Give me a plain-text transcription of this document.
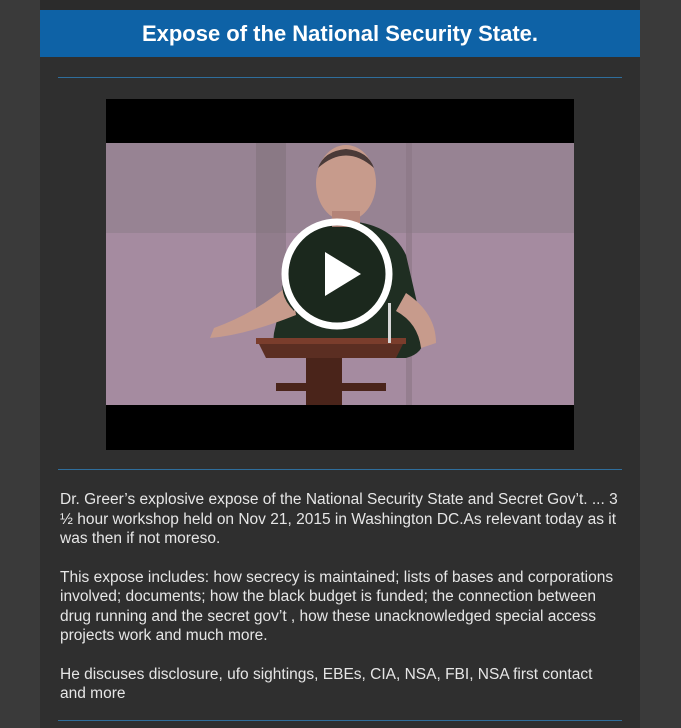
Expose of the National Security State.

Dr. Greer’s explosive expose of the National Security State and Secret Gov’t. ... 3 ½ hour workshop held on Nov 21, 2015 in Washington DC.As relevant today as it was then if not moreso.

This expose includes: how secrecy is maintained; lists of bases and corporations involved; documents; how the black budget is funded; the connection between drug running and the secret gov’t , how these unacknowledged special access projects work and much more.

He discuses disclosure, ufo sightings, EBEs, CIA, NSA, FBI, NSA first contact and more
